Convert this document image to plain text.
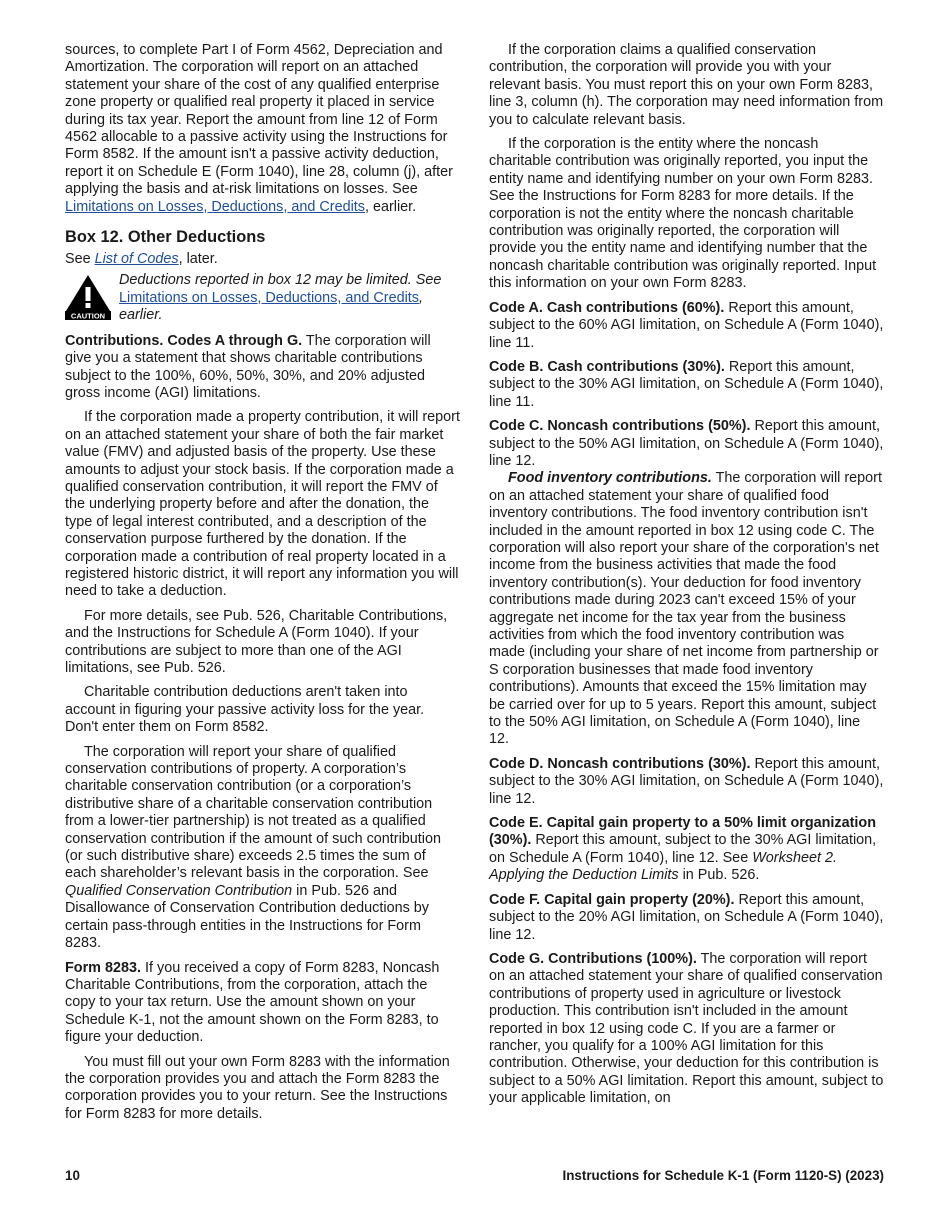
sources, to complete Part I of Form 4562, Depreciation and Amortization. The corporation will report on an attached statement your share of the cost of any qualified enterprise zone property or qualified real property it placed in service during its tax year. Report the amount from line 12 of Form 4562 allocable to a passive activity using the Instructions for Form 8582. If the amount isn't a passive activity deduction, report it on Schedule E (Form 1040), line 28, column (j), after applying the basis and at-risk limitations on losses. See Limitations on Losses, Deductions, and Credits, earlier.

Box 12. Other Deductions

See List of Codes, later.

CAUTION

Deductions reported in box 12 may be limited. See Limitations on Losses, Deductions, and Credits, earlier.

Contributions. Codes A through G. The corporation will give you a statement that shows charitable contributions subject to the 100%, 60%, 50%, 30%, and 20% adjusted gross income (AGI) limitations.

If the corporation made a property contribution, it will report on an attached statement your share of both the fair market value (FMV) and adjusted basis of the property. Use these amounts to adjust your stock basis. If the corporation made a qualified conservation contribution, it will report the FMV of the underlying property before and after the donation, the type of legal interest contributed, and a description of the conservation purpose furthered by the donation. If the corporation made a contribution of real property located in a registered historic district, it will report any information you will need to take a deduction.

For more details, see Pub. 526, Charitable Contributions, and the Instructions for Schedule A (Form 1040). If your contributions are subject to more than one of the AGI limitations, see Pub. 526.

Charitable contribution deductions aren't taken into account in figuring your passive activity loss for the year. Don't enter them on Form 8582.

The corporation will report your share of qualified conservation contributions of property. A corporation’s charitable conservation contribution (or a corporation’s distributive share of a charitable conservation contribution from a lower-tier partnership) is not treated as a qualified conservation contribution if the amount of such contribution (or such distributive share) exceeds 2.5 times the sum of each shareholder’s relevant basis in the corporation. See Qualified Conservation Contribution in Pub. 526 and Disallowance of Conservation Contribution deductions by certain pass-through entities in the Instructions for Form 8283.

Form 8283. If you received a copy of Form 8283, Noncash Charitable Contributions, from the corporation, attach the copy to your tax return. Use the amount shown on your Schedule K-1, not the amount shown on the Form 8283, to figure your deduction.

You must fill out your own Form 8283 with the information the corporation provides you and attach the Form 8283 the corporation provides you to your return. See the Instructions for Form 8283 for more details.

If the corporation claims a qualified conservation contribution, the corporation will provide you with your relevant basis. You must report this on your own Form 8283, line 3, column (h). The corporation may need information from you to calculate relevant basis.

If the corporation is the entity where the noncash charitable contribution was originally reported, you input the entity name and identifying number on your own Form 8283. See the Instructions for Form 8283 for more details. If the corporation is not the entity where the noncash charitable contribution was originally reported, the corporation will provide you the entity name and identifying number that the noncash charitable contribution was originally reported. Input this information on your own Form 8283.

Code A. Cash contributions (60%). Report this amount, subject to the 60% AGI limitation, on Schedule A (Form 1040), line 11.

Code B. Cash contributions (30%). Report this amount, subject to the 30% AGI limitation, on Schedule A (Form 1040), line 11.

Code C. Noncash contributions (50%). Report this amount, subject to the 50% AGI limitation, on Schedule A (Form 1040), line 12.

Food inventory contributions. The corporation will report on an attached statement your share of qualified food inventory contributions. The food inventory contribution isn't included in the amount reported in box 12 using code C. The corporation will also report your share of the corporation's net income from the business activities that made the food inventory contribution(s). Your deduction for food inventory contributions made during 2023 can't exceed 15% of your aggregate net income for the tax year from the business activities from which the food inventory contribution was made (including your share of net income from partnership or S corporation businesses that made food inventory contributions). Amounts that exceed the 15% limitation may be carried over for up to 5 years. Report this amount, subject to the 50% AGI limitation, on Schedule A (Form 1040), line 12.

Code D. Noncash contributions (30%). Report this amount, subject to the 30% AGI limitation, on Schedule A (Form 1040), line 12.

Code E. Capital gain property to a 50% limit organization (30%). Report this amount, subject to the 30% AGI limitation, on Schedule A (Form 1040), line 12. See Worksheet 2. Applying the Deduction Limits in Pub. 526.

Code F. Capital gain property (20%). Report this amount, subject to the 20% AGI limitation, on Schedule A (Form 1040), line 12.

Code G. Contributions (100%). The corporation will report on an attached statement your share of qualified conservation contributions of property used in agriculture or livestock production. This contribution isn't included in the amount reported in box 12 using code C. If you are a farmer or rancher, you qualify for a 100% AGI limitation for this contribution. Otherwise, your deduction for this contribution is subject to a 50% AGI limitation. Report this amount, subject to your applicable limitation, on

10	Instructions for Schedule K-1 (Form 1120-S) (2023)
